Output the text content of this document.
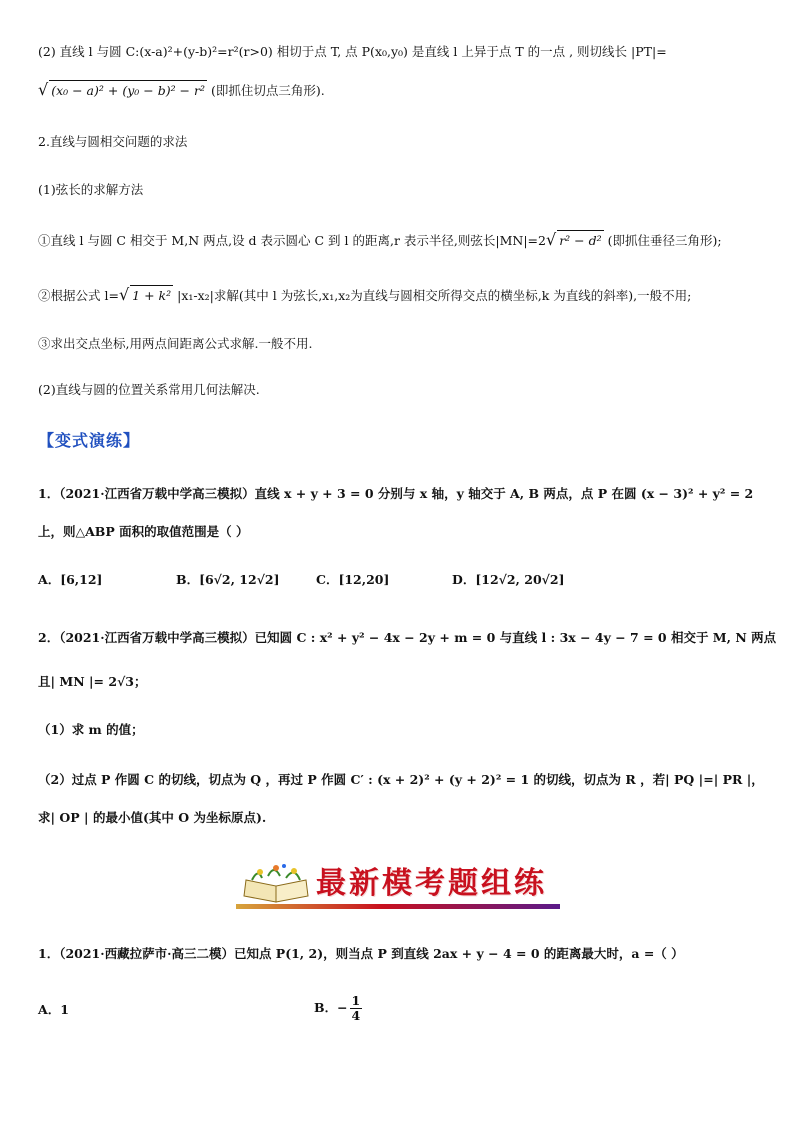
(2) 直线 l 与圆 C:(x-a)²+(y-b)²=r²(r>0) 相切于点 T, 点 P(x₀,y₀) 是直线 l 上异于点 T 的一点 , 则切线长 |PT|=
√ (x₀ − a)² + (y₀ − b)² − r² (即抓住切点三角形).
2.直线与圆相交问题的求法
(1)弦长的求解方法
①直线 l 与圆 C 相交于 M,N 两点,设 d 表示圆心 C 到 l 的距离,r 表示半径,则弦长|MN|=2√ r² − d² (即抓住垂径三角形);
②根据公式 l=√ 1 + k² |x₁-x₂|求解(其中 l 为弦长,x₁,x₂为直线与圆相交所得交点的横坐标,k 为直线的斜率),一般不用;
③求出交点坐标,用两点间距离公式求解.一般不用.
(2)直线与圆的位置关系常用几何法解决.
【变式演练】
1．（2021·江西省万载中学高三模拟）直线 x + y + 3 = 0 分别与 x 轴，y 轴交于 A, B 两点，点 P 在圆 (x − 3)² + y² = 2
上，则△ABP 面积的取值范围是（ ）
A．[6,12]	B．[6√2, 12√2]	C．[12,20]	D．[12√2, 20√2]
2．（2021·江西省万载中学高三模拟）已知圆 C : x² + y² − 4x − 2y + m = 0 与直线 l : 3x − 4y − 7 = 0 相交于 M, N 两点
且| MN |= 2√3；
（1）求 m 的值；
（2）过点 P 作圆 C 的切线，切点为 Q ，再过 P 作圆 C′ : (x + 2)² + (y + 2)² = 1 的切线，切点为 R ，若| PQ |=| PR |，
求| OP | 的最小值(其中 O 为坐标原点).
最新模考题组练
1．（2021·西藏拉萨市·高三二模）已知点 P(1, 2)，则当点 P 到直线 2ax + y − 4 = 0 的距离最大时，a =（ ）
A．1	B．− $\frac{1}{4}$
